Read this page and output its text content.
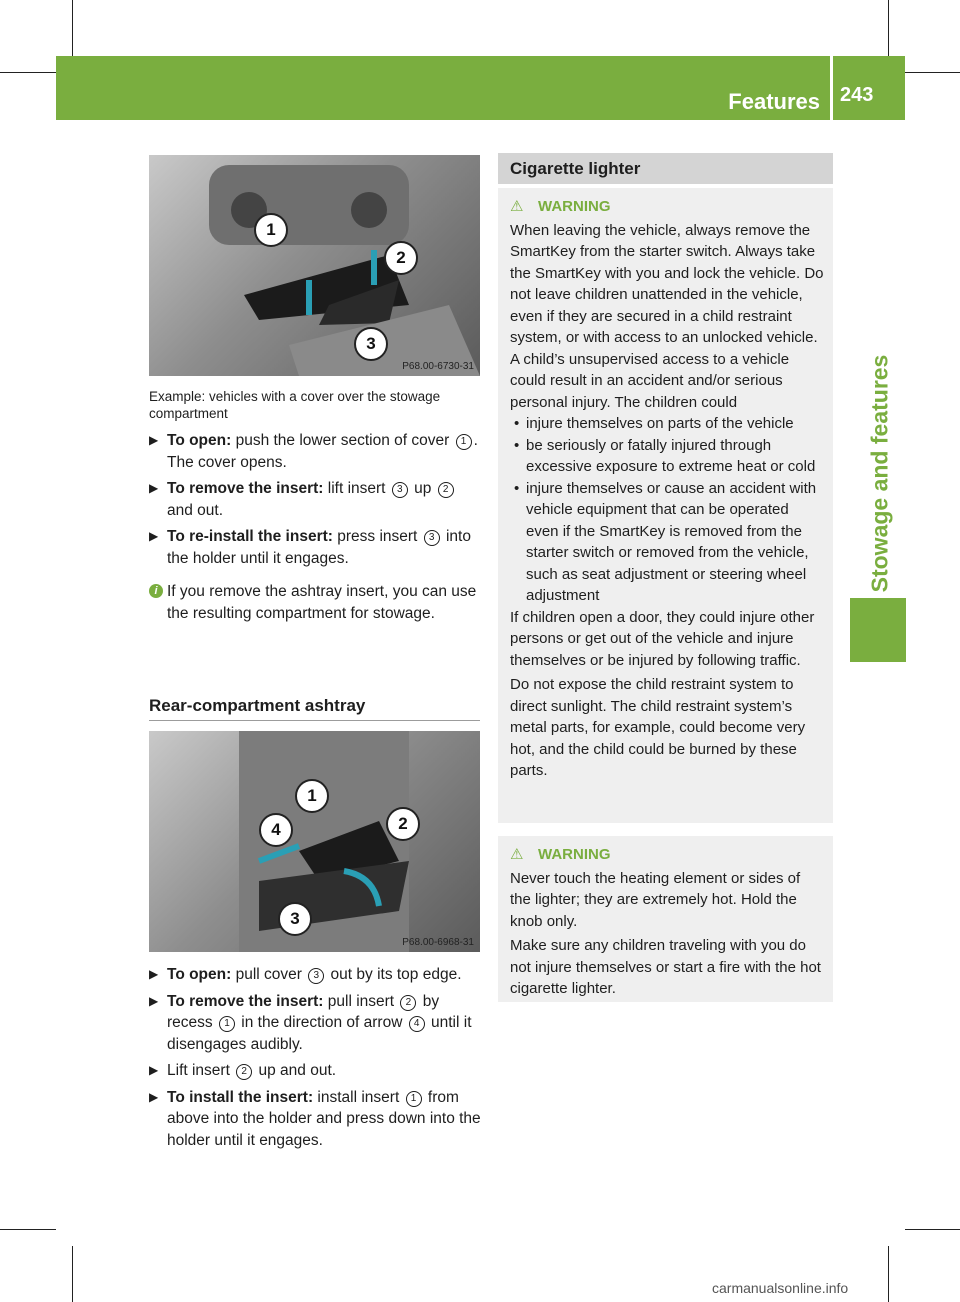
Features 243
Stowage and features
1
2
3
P68.00-6730-31
Example: vehicles with a cover over the stowage compartment
▶ To open: push the lower section of cover 1 .
The cover opens.
▶ To remove the insert: lift insert 3 up 2 and out.
▶ To re-install the insert: press insert 3 into the holder until it engages.
i If you remove the ashtray insert, you can use the resulting compartment for stowage.
Rear-compartment ashtray
1
2
3
4
P68.00-6968-31
▶ To open: pull cover 3 out by its top edge.
▶ To remove the insert: pull insert 2 by recess 1 in the direction of arrow 4 until it disengages audibly.
▶ Lift insert 2 up and out.
▶ To install the insert: install insert 1 from above into the holder and press down into the holder until it engages.
Cigarette lighter
⚠ WARNING
When leaving the vehicle, always remove the SmartKey from the starter switch. Always take the SmartKey with you and lock the vehicle. Do not leave children unattended in the vehicle, even if they are secured in a child restraint system, or with access to an unlocked vehicle. A child’s unsupervised access to a vehicle could result in an accident and/or serious personal injury. The children could
• injure themselves on parts of the vehicle
• be seriously or fatally injured through excessive exposure to extreme heat or cold
• injure themselves or cause an accident with vehicle equipment that can be operated even if the SmartKey is removed from the starter switch or removed from the vehicle, such as seat adjustment or steering wheel adjustment
If children open a door, they could injure other persons or get out of the vehicle and injure themselves or be injured by following traffic.
Do not expose the child restraint system to direct sunlight. The child restraint system’s metal parts, for example, could become very hot, and the child could be burned by these parts.
⚠ WARNING
Never touch the heating element or sides of the lighter; they are extremely hot. Hold the knob only.
Make sure any children traveling with you do not injure themselves or start a fire with the hot cigarette lighter.
carmanualsonline.info
